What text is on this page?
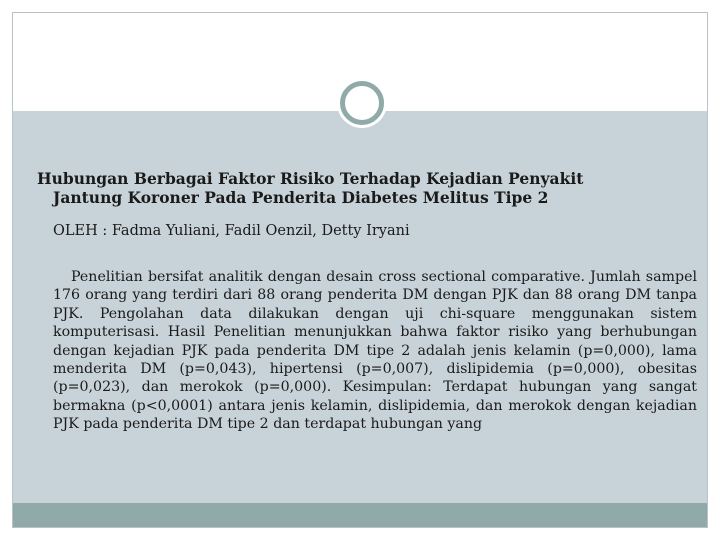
Hubungan Berbagai Faktor Risiko Terhadap Kejadian Penyakit
Jantung Koroner Pada Penderita Diabetes Melitus Tipe 2
OLEH : Fadma Yuliani, Fadil Oenzil, Detty Iryani
Penelitian bersifat analitik dengan desain cross sectional comparative. Jumlah sampel 176 orang yang terdiri dari 88 orang penderita DM dengan PJK dan 88 orang DM tanpa PJK. Pengolahan data dilakukan dengan uji chi-square menggunakan sistem komputerisasi. Hasil Penelitian menunjukkan bahwa faktor risiko yang berhubungan dengan kejadian PJK pada penderita DM tipe 2 adalah jenis kelamin (p=0,000), lama menderita DM (p=0,043), hipertensi (p=0,007), dislipidemia (p=0,000), obesitas (p=0,023), dan merokok (p=0,000). Kesimpulan: Terdapat hubungan yang sangat bermakna (p<0,0001) antara jenis kelamin, dislipidemia, dan merokok dengan kejadian PJK pada penderita DM tipe 2 dan terdapat hubungan yang
